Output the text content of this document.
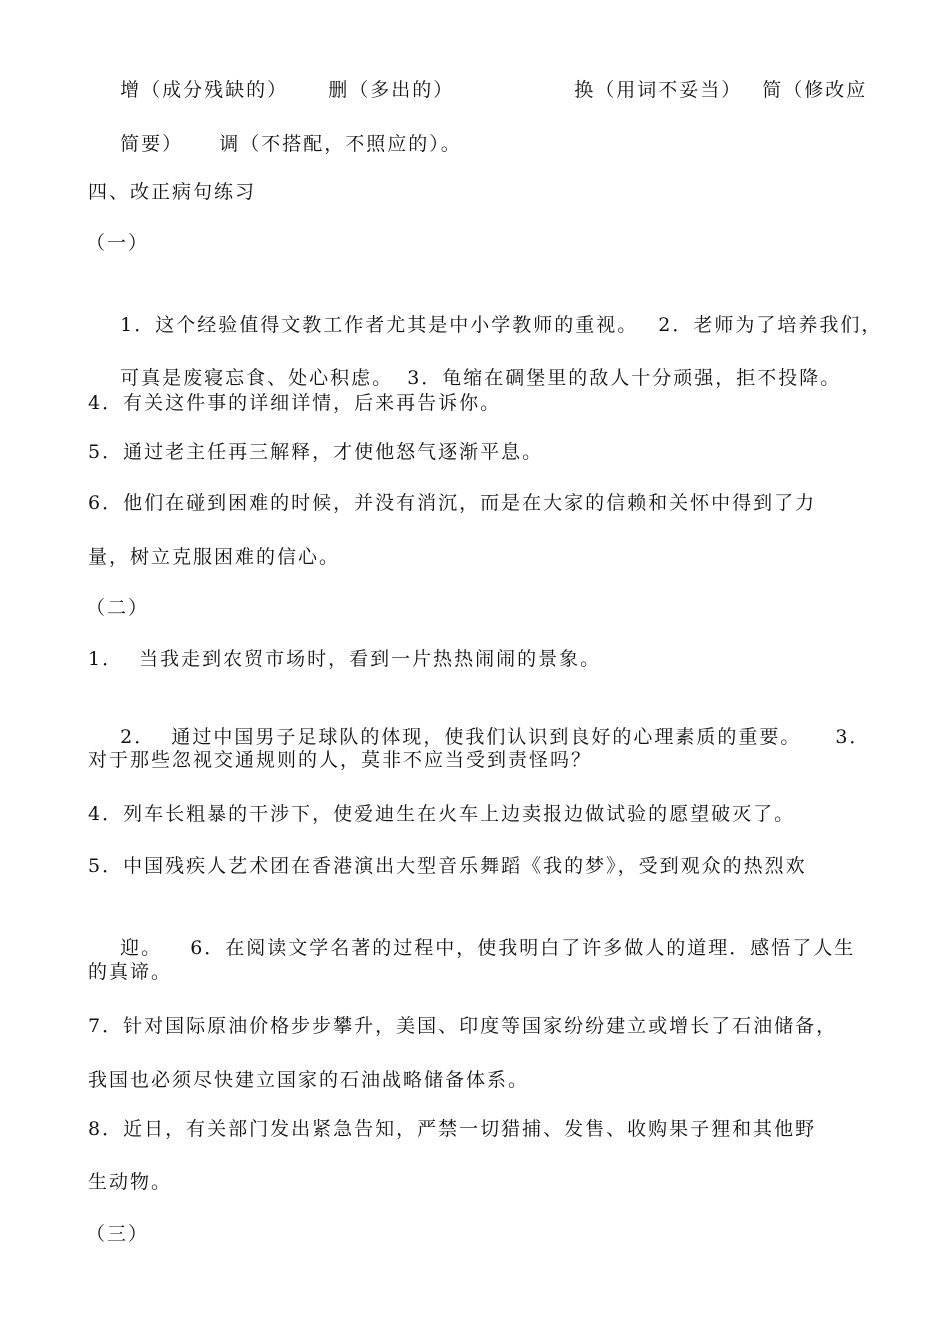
增（成分残缺的） 删（多出的）	换（用词不妥当） 简（修改应

简要） 调（不搭配，不照应的）。

四、改正病句练习
（一）

1．这个经验值得文教工作者尤其是中小学教师的重视。 2．老师为了培养我们，

可真是废寝忘食、处心积虑。 3．龟缩在碉堡里的敌人十分顽强，拒不投降。

4．有关这件事的详细详情，后来再告诉你。
5．通过老主任再三解释，才使他怒气逐渐平息。
6．他们在碰到困难的时候，并没有消沉，而是在大家的信赖和关怀中得到了力
量，树立克服困难的信心。
（二）
1．  当我走到农贸市场时，看到一片热热闹闹的景象。

2．  通过中国男子足球队的体现，使我们认识到良好的心理素质的重要。 3．

对于那些忽视交通规则的人，莫非不应当受到责怪吗？
4．列车长粗暴的干涉下，使爱迪生在火车上边卖报边做试验的愿望破灭了。
5．中国残疾人艺术团在香港演出大型音乐舞蹈《我的梦》，受到观众的热烈欢

迎。 6．在阅读文学名著的过程中，使我明白了许多做人的道理．感悟了人生

的真谛。
7．针对国际原油价格步步攀升，美国、印度等国家纷纷建立或增长了石油储备，
我国也必须尽快建立国家的石油战略储备体系。
8．近日，有关部门发出紧急告知，严禁一切猎捕、发售、收购果子狸和其他野
生动物。
（三）
